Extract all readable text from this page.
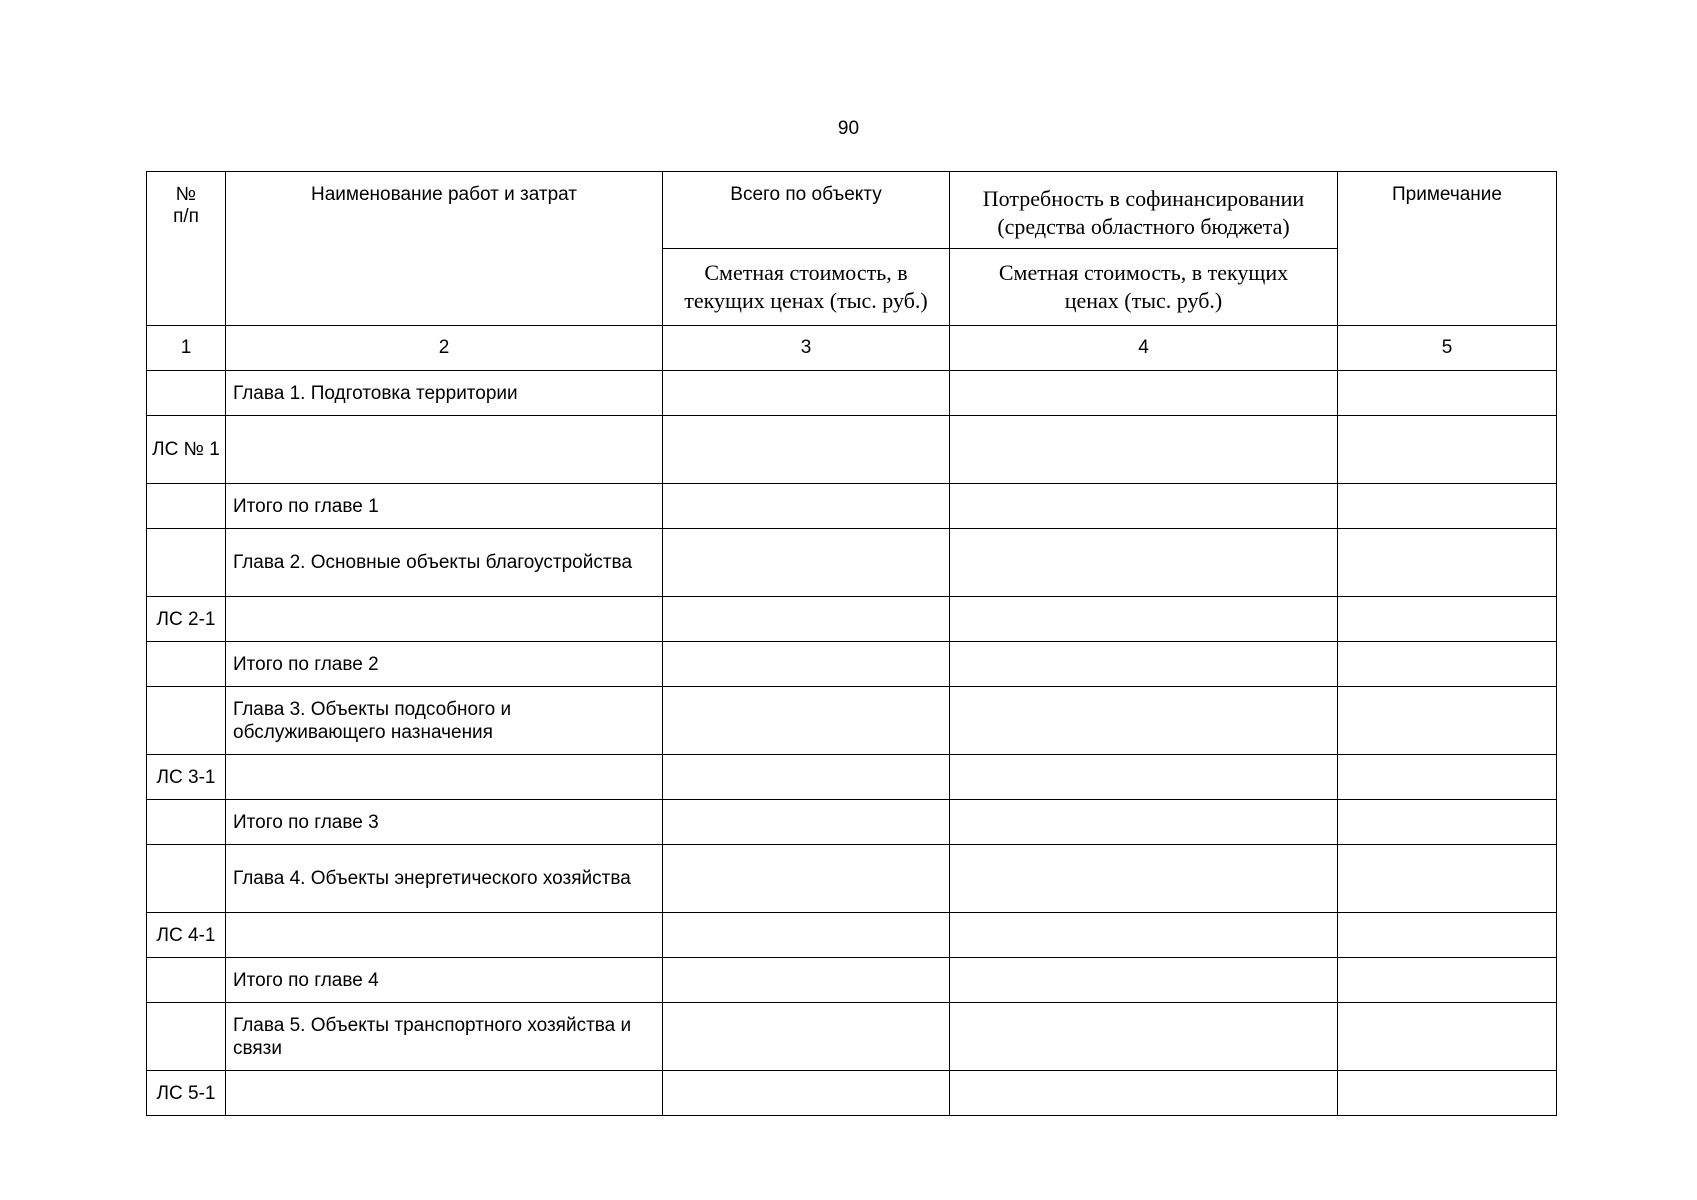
90
№ п/п	Наименование работ и затрат	Всего по объекту	Потребность в софинансировании (средства областного бюджета)	Примечание
		Сметная стоимость, в текущих ценах (тыс. руб.)	Сметная стоимость, в текущих ценах (тыс. руб.)	
1	2	3	4	5
	Глава 1. Подготовка территории			
ЛС № 1				
	Итого по главе 1			
	Глава 2. Основные объекты благоустройства			
ЛС 2-1				
	Итого по главе 2			
	Глава 3. Объекты подсобного и обслуживающего назначения			
ЛС 3-1				
	Итого по главе 3			
	Глава 4. Объекты энергетического хозяйства			
ЛС 4-1				
	Итого по главе 4			
	Глава 5. Объекты транспортного хозяйства и связи			
ЛС 5-1				
